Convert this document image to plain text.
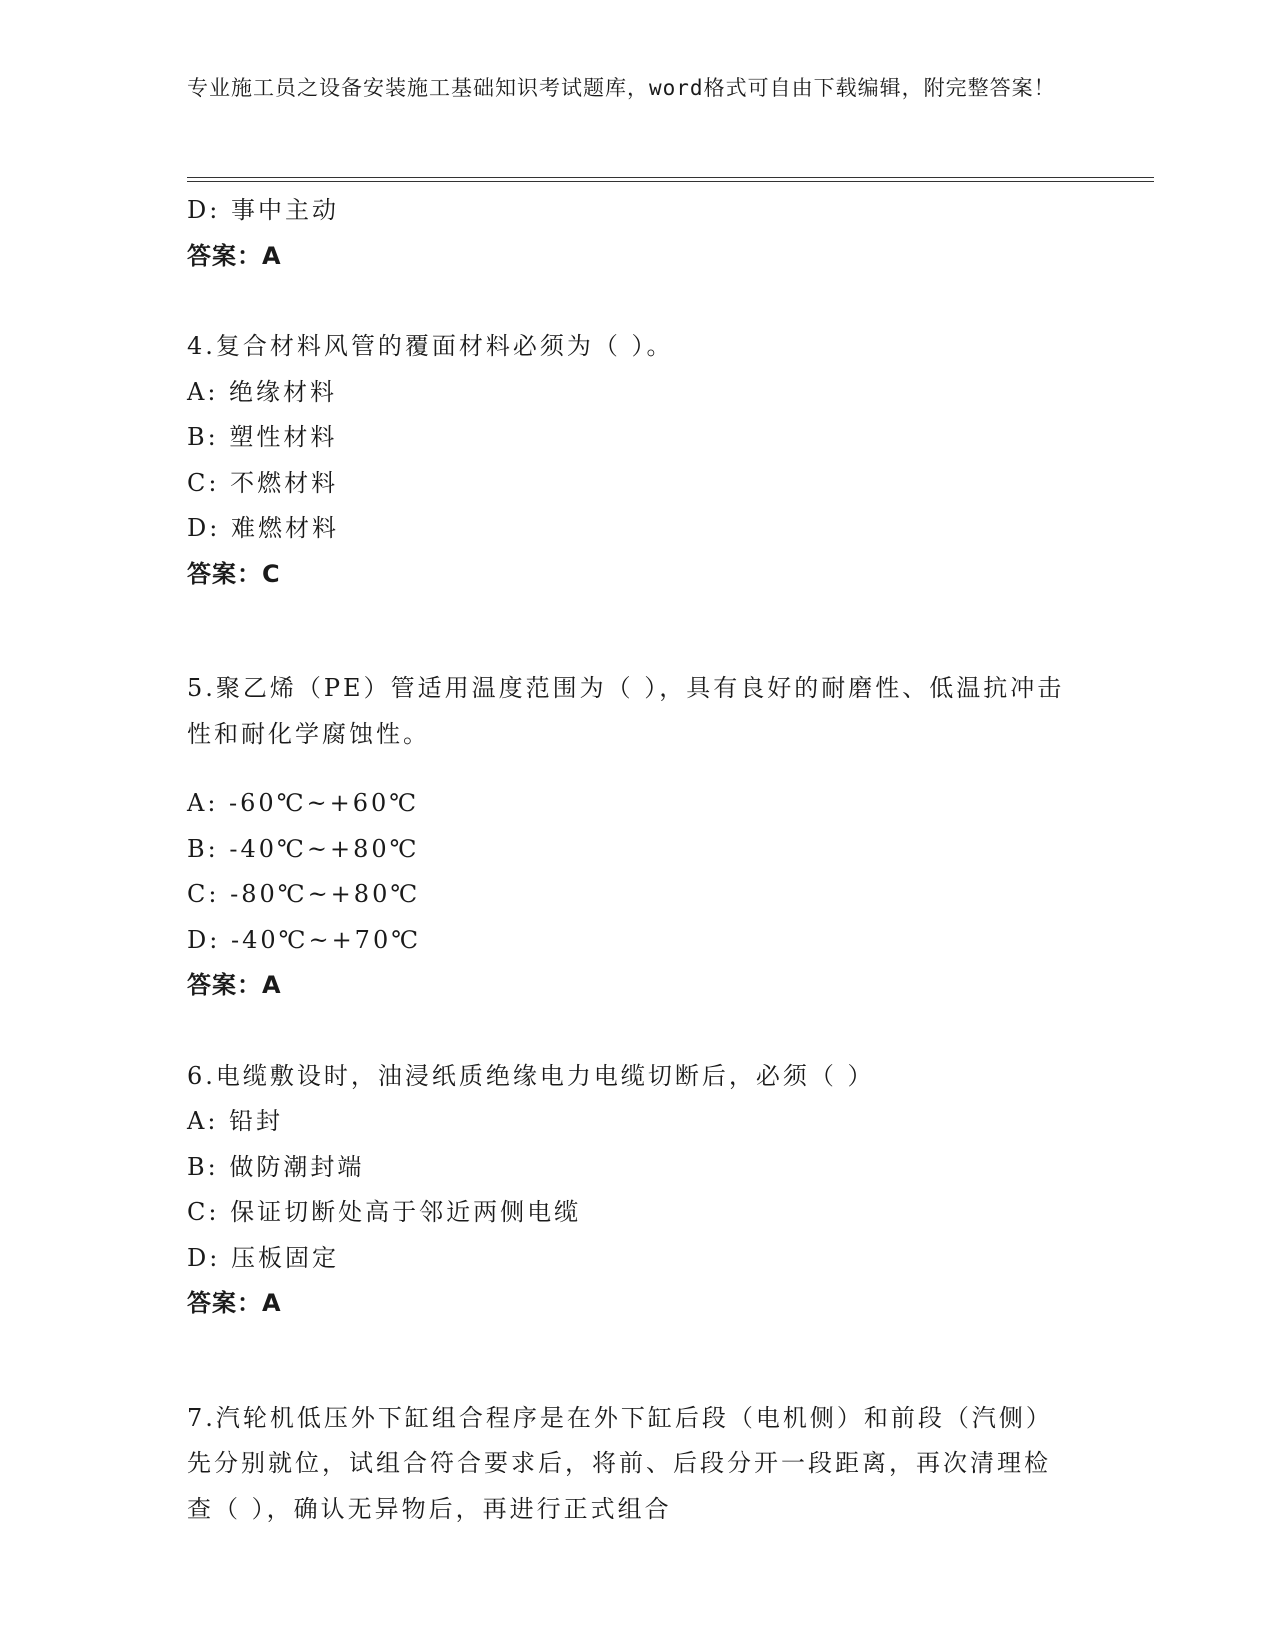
专业施工员之设备安装施工基础知识考试题库，word格式可自由下载编辑，附完整答案！

D: 事中主动

答案：A

4.复合材料风管的覆面材料必须为（ ）。

A: 绝缘材料

B: 塑性材料

C: 不燃材料

D: 难燃材料

答案：C

5.聚乙烯（PE）管适用温度范围为（ ），具有良好的耐磨性、低温抗冲击性和耐化学腐蚀性。

A: -60℃~+60℃

B: -40℃~+80℃

C: -80℃~+80℃

D: -40℃~+70℃

答案：A

6.电缆敷设时，油浸纸质绝缘电力电缆切断后，必须（ ）

A: 铅封

B: 做防潮封端

C: 保证切断处高于邻近两侧电缆

D: 压板固定

答案：A

7.汽轮机低压外下缸组合程序是在外下缸后段（电机侧）和前段（汽侧）先分别就位，试组合符合要求后，将前、后段分开一段距离，再次清理检查（ ），确认无异物后，再进行正式组合
